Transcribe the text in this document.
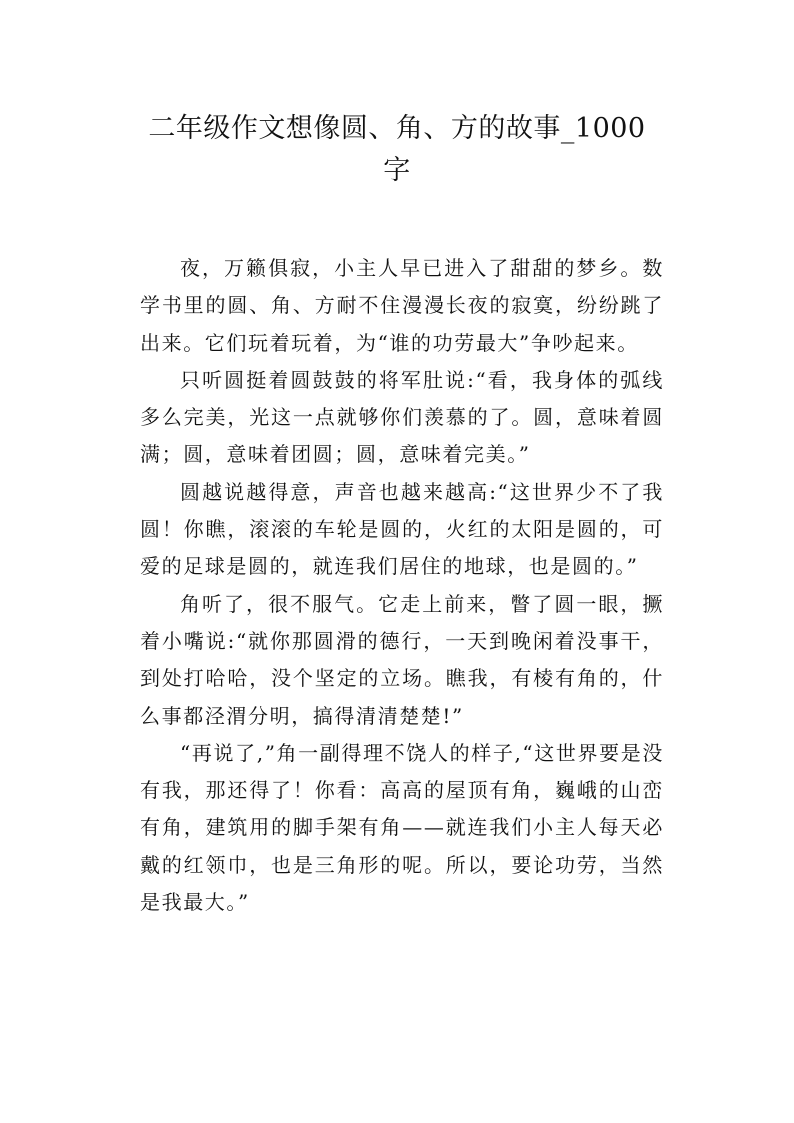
二年级作文想像圆、角、方的故事_1000字

夜，万籁俱寂，小主人早已进入了甜甜的梦乡。数学书里的圆、角、方耐不住漫漫长夜的寂寞，纷纷跳了出来。它们玩着玩着，为“谁的功劳最大”争吵起来。

只听圆挺着圆鼓鼓的将军肚说:“看，我身体的弧线多么完美，光这一点就够你们羡慕的了。圆，意味着圆满；圆，意味着团圆；圆，意味着完美。”

圆越说越得意，声音也越来越高:“这世界少不了我圆！你瞧，滚滚的车轮是圆的，火红的太阳是圆的，可爱的足球是圆的，就连我们居住的地球，也是圆的。”

角听了，很不服气。它走上前来，瞥了圆一眼，撅着小嘴说:“就你那圆滑的德行，一天到晚闲着没事干，到处打哈哈，没个坚定的立场。瞧我，有棱有角的，什么事都泾渭分明，搞得清清楚楚!”

“再说了,”角一副得理不饶人的样子,“这世界要是没有我，那还得了！你看：高高的屋顶有角，巍峨的山峦有角，建筑用的脚手架有角——就连我们小主人每天必戴的红领巾，也是三角形的呢。所以，要论功劳，当然是我最大。”
